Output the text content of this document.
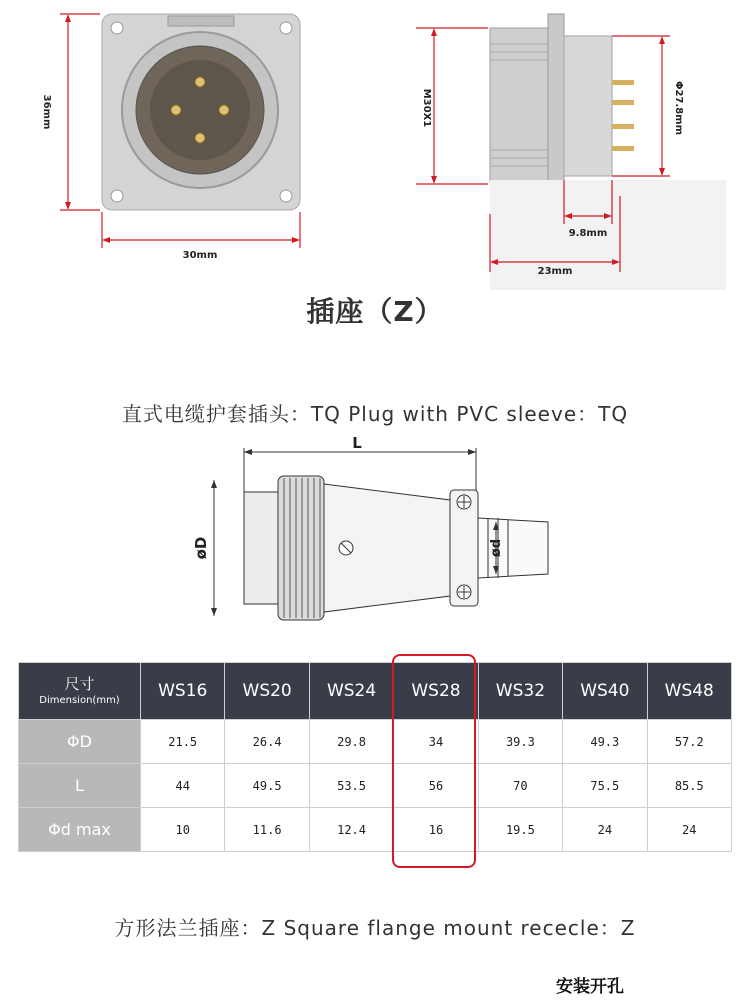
36mm
30mm
M30X1	Φ27.8mm
9.8mm
23mm
插座（Z）
直式电缆护套插头：TQ Plug with PVC sleeve：TQ
L
øD	ød
尺寸
Dimension(mm)	WS16	WS20	WS24	WS28	WS32	WS40	WS48
ΦD	21.5	26.4	29.8	34	39.3	49.3	57.2
L	44	49.5	53.5	56	70	75.5	85.5
Φd max	10	11.6	12.4	16	19.5	24	24
方形法兰插座：Z Square flange mount rececle：Z
安装开孔
